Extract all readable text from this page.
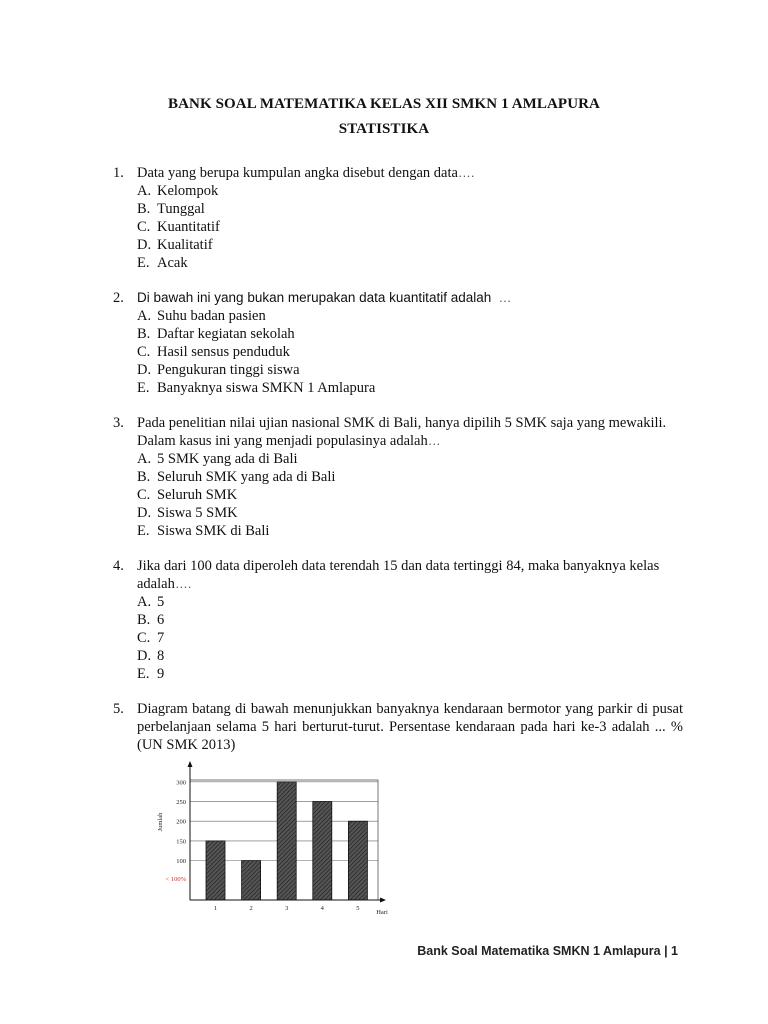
BANK SOAL MATEMATIKA KELAS XII SMKN 1 AMLAPURA
STATISTIKA
1. Data yang berupa kumpulan angka disebut dengan data….
A. Kelompok
B. Tunggal
C. Kuantitatif
D. Kualitatif
E. Acak
2. Di bawah ini yang bukan merupakan data kuantitatif adalah  …
A. Suhu badan pasien
B. Daftar kegiatan sekolah
C. Hasil sensus penduduk
D. Pengukuran tinggi siswa
E. Banyaknya siswa SMKN 1 Amlapura
3. Pada penelitian nilai ujian nasional SMK di Bali, hanya dipilih 5 SMK saja yang mewakili. Dalam kasus ini yang menjadi populasinya adalah…
A. 5 SMK yang ada di Bali
B. Seluruh SMK yang ada di Bali
C. Seluruh SMK
D. Siswa 5 SMK
E. Siswa SMK di Bali
4. Jika dari 100 data diperoleh data terendah 15 dan data tertinggi 84, maka banyaknya kelas adalah….
A. 5
B. 6
C. 7
D. 8
E. 9
5. Diagram batang di bawah menunjukkan banyaknya kendaraan bermotor yang parkir di pusat perbelanjaan selama 5 hari berturut-turut. Persentase kendaraan pada hari ke-3 adalah ... % (UN SMK 2013)
300
250
200
150
100
< 100%
1	2	3	4	5
Hari
Jumlah
Bank Soal Matematika SMKN 1 Amlapura | 1
